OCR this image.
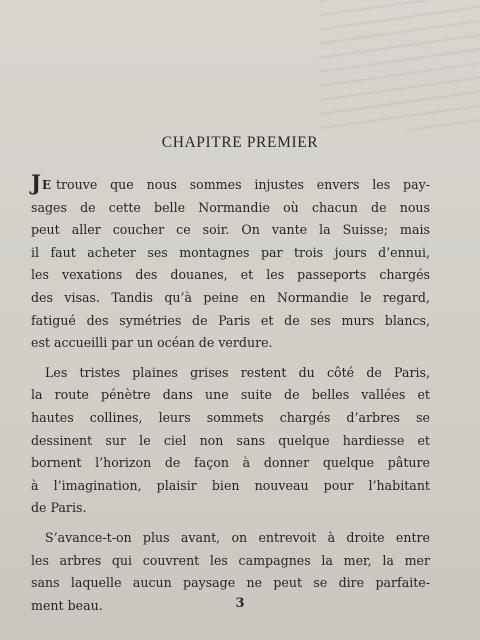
CHAPITRE PREMIER
JE trouve que nous sommes injustes envers les pay-
sages de cette belle Normandie où chacun de nous
peut aller coucher ce soir. On vante la Suisse; mais
il faut acheter ses montagnes par trois jours d’ennui,
les vexations des douanes, et les passeports chargés
des visas. Tandis qu’à peine en Normandie le regard,
fatigué des symétries de Paris et de ses murs blancs,
est accueilli par un océan de verdure.
Les tristes plaines grises restent du côté de Paris,
la route pénètre dans une suite de belles vallées et
hautes collines, leurs sommets chargés d’arbres se
dessinent sur le ciel non sans quelque hardiesse et
bornent l’horizon de façon à donner quelque pâture
à l’imagination, plaisir bien nouveau pour l’habitant
de Paris.
S’avance-t-on plus avant, on entrevoit à droite entre
les arbres qui couvrent les campagnes la mer, la mer
sans laquelle aucun paysage ne peut se dire parfaite-
ment beau.	3
